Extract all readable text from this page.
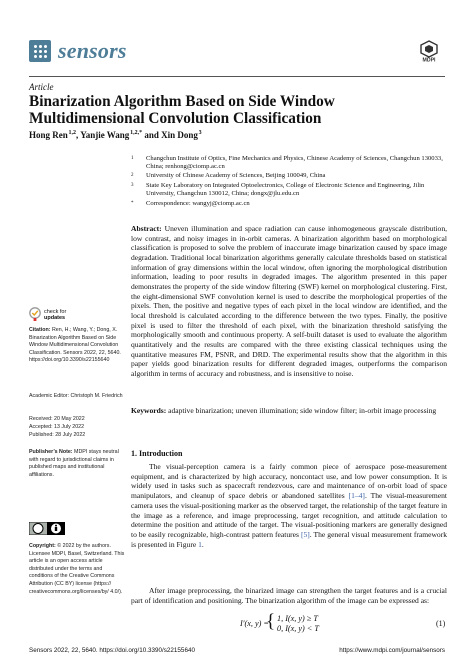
sensors	MDPI
Article
Binarization Algorithm Based on Side Window Multidimensional Convolution Classification
Hong Ren $^{1,2}$, Yanjie Wang $^{1,2,*}$ and Xin Dong $^3$
1 Changchun Institute of Optics, Fine Mechanics and Physics, Chinese Academy of Sciences, Changchun 130033, China; renhong@ciomp.ac.cn
2 University of Chinese Academy of Sciences, Beijing 100049, China
3 State Key Laboratory on Integrated Optoelectronics, College of Electronic Science and Engineering, Jilin University, Changchun 130012, China; dongx@jlu.edu.cn
* Correspondence: wangyj@ciomp.ac.cn
Abstract: Uneven illumination and space radiation can cause inhomogeneous grayscale distribution, low contrast, and noisy images in in-orbit cameras. A binarization algorithm based on morphological classification is proposed to solve the problem of inaccurate image binarization caused by space image degradation. Traditional local binarization algorithms generally calculate thresholds based on statistical information of gray dimensions within the local window, often ignoring the morphological distribution information, leading to poor results in degraded images. The algorithm presented in this paper demonstrates the property of the side window filtering (SWF) kernel on morphological clustering. First, the eight-dimensional SWF convolution kernel is used to describe the morphological properties of the pixels. Then, the positive and negative types of each pixel in the local window are identified, and the local threshold is calculated according to the difference between the two types. Finally, the positive pixel is used to filter the threshold of each pixel, with the binarization threshold satisfying the morphologically smooth and continuous property. A self-built dataset is used to evaluate the algorithm quantitatively and the results are compared with the three existing classical techniques using the quantitative measures FM, PSNR, and DRD. The experimental results show that the algorithm in this paper yields good binarization results for different degraded images, outperforms the comparison algorithm in terms of accuracy and robustness, and is insensitive to noise.
Keywords: adaptive binarization; uneven illumination; side window filter; in-orbit image processing
check for
updates
Citation: Ren, H.; Wang, Y.; Dong, X. Binarization Algorithm Based on Side Window Multidimensional Convolution Classification. Sensors 2022, 22, 5640. https://doi.org/10.3390/s22155640
Academic Editor: Christoph M. Friedrich
Received: 20 May 2022
Accepted: 13 July 2022
Published: 28 July 2022
Publisher’s Note: MDPI stays neutral with regard to jurisdictional claims in published maps and institutional affiliations.
Copyright: © 2022 by the authors. Licensee MDPI, Basel, Switzerland. This article is an open access article distributed under the terms and conditions of the Creative Commons Attribution (CC BY) license (https:// creativecommons.org/licenses/by/ 4.0/).
1. Introduction
The visual-perception camera is a fairly common piece of aerospace pose-measurement equipment, and is characterized by high accuracy, noncontact use, and low power consumption. It is widely used in tasks such as spacecraft rendezvous, care and maintenance of on-orbit load of space manipulators, and cleanup of space debris or abandoned satellites [1–4]. The visual-measurement camera uses the visual-positioning marker as the observed target, the relationship of the target feature in the image as a reference, and image preprocessing, target recognition, and attitude calculation to determine the position and attitude of the target. The visual-positioning markers are generally designed to be easily recognizable, high-contrast pattern features [5]. The general visual measurement framework is presented in Figure 1.
After image preprocessing, the binarized image can strengthen the target features and is a crucial part of identification and positioning. The binarization algorithm of the image can be expressed as:
I′(x, y) =
{ 1, I(x, y) ≥ T
0, I(x, y) < T
(1)
Sensors 2022, 22, 5640. https://doi.org/10.3390/s22155640	https://www.mdpi.com/journal/sensors
